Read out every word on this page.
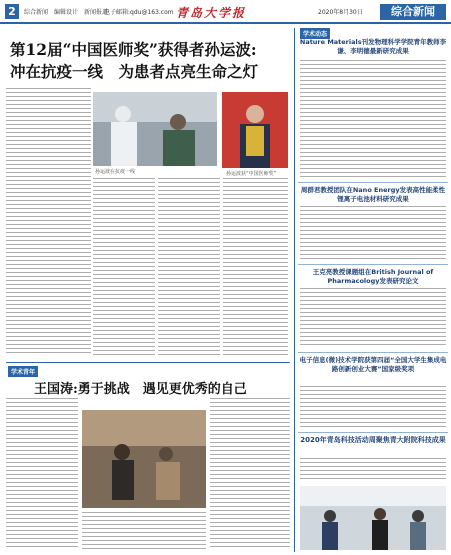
2	综合新闻 编辑设计 新闻报道
电子邮箱:qdu@163.com 青岛大学报	2020年8月30日	综合新闻
第12届“中国医师奖”获得者孙运波:
冲在抗疫一线　为患者点亮生命之灯
孙运波在抗疫一线	孙运波获“中国医师奖”
学术青年
王国涛:勇于挑战　遇见更优秀的自己
学术动态
Nature Materials刊发物理科学学院青年教师李谦、李明德最新研究成果
周群君教授团队在Nano Energy发表高性能柔性锂离子电池材料研究成果
王克亮教授课题组在British Journal of Pharmacology发表研究论文
电子信息(微)技术学院获第四届“全国大学生集成电路创新创业大赛”国家级奖项
2020年青岛科技活动周聚焦青大附院科技成果
